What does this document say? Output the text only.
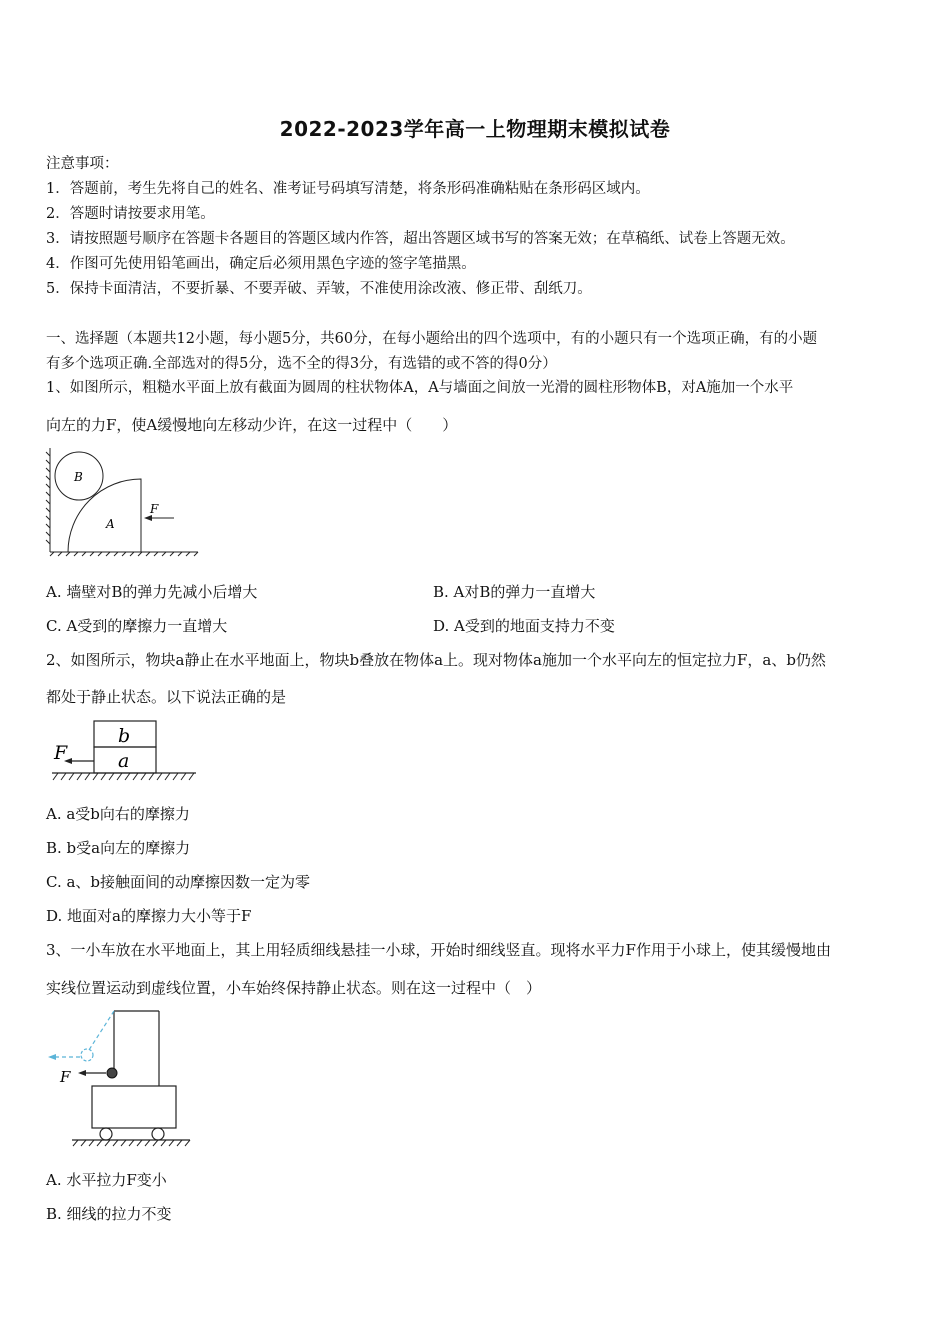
2022-2023学年高一上物理期末模拟试卷
注意事项：
1．答题前，考生先将自己的姓名、准考证号码填写清楚，将条形码准确粘贴在条形码区域内。
2．答题时请按要求用笔。
3．请按照题号顺序在答题卡各题目的答题区域内作答，超出答题区域书写的答案无效；在草稿纸、试卷上答题无效。
4．作图可先使用铅笔画出，确定后必须用黑色字迹的签字笔描黑。
5．保持卡面清洁，不要折暴、不要弄破、弄皱，不准使用涂改液、修正带、刮纸刀。
一、选择题（本题共12小题，每小题5分，共60分，在每小题给出的四个选项中，有的小题只有一个选项正确，有的小题
有多个选项正确.全部选对的得5分，选不全的得3分，有选错的或不答的得0分）
1、如图所示，粗糙水平面上放有截面为圆周的柱状物体A，A与墙面之间放一光滑的圆柱形物体B，对A施加一个水平
向左的力F，使A缓慢地向左移动少许，在这一过程中（　　）
B
A
F
A. 墙壁对B的弹力先减小后增大	B. A对B的弹力一直增大
C. A受到的摩擦力一直增大	D. A受到的地面支持力不变
2、如图所示，物块a静止在水平地面上，物块b叠放在物体a上。现对物体a施加一个水平向左的恒定拉力F，a、b仍然
都处于静止状态。以下说法正确的是
b
a
F
A. a受b向右的摩擦力
B. b受a向左的摩擦力
C. a、b接触面间的动摩擦因数一定为零
D. 地面对a的摩擦力大小等于F
3、一小车放在水平地面上，其上用轻质细线悬挂一小球，开始时细线竖直。现将水平力F作用于小球上，使其缓慢地由
实线位置运动到虚线位置，小车始终保持静止状态。则在这一过程中（　）
F
A. 水平拉力F变小
B. 细线的拉力不变
